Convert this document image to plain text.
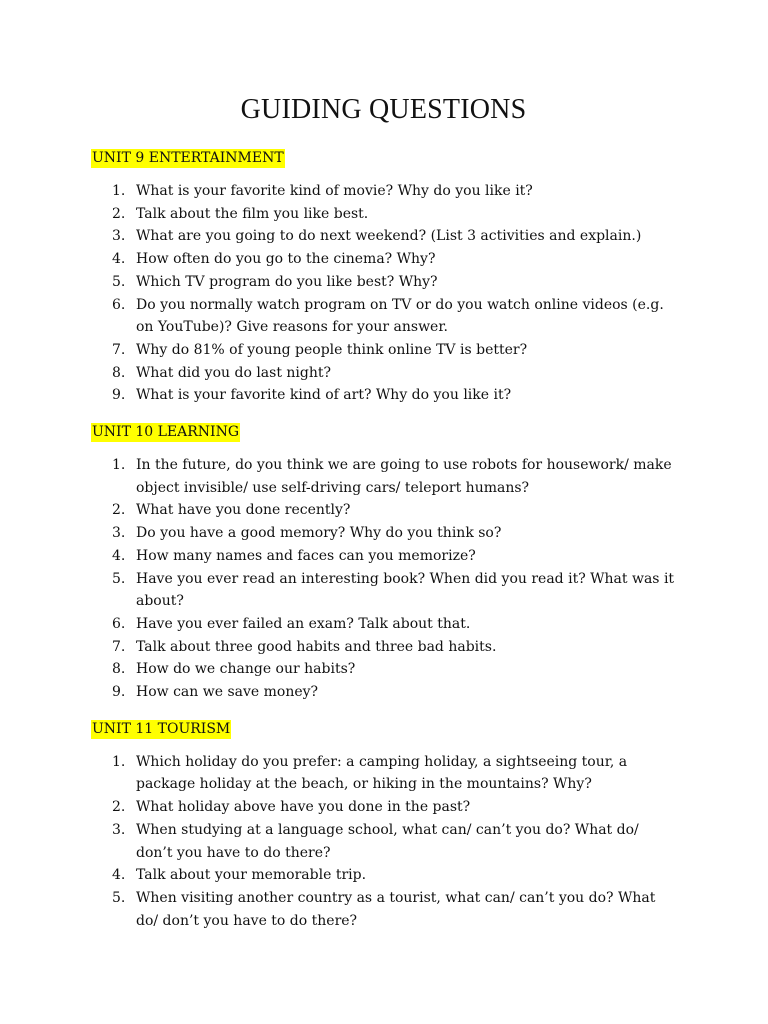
GUIDING QUESTIONS
UNIT 9 ENTERTAINMENT
1. What is your favorite kind of movie? Why do you like it?
2. Talk about the film you like best.
3. What are you going to do next weekend? (List 3 activities and explain.)
4. How often do you go to the cinema? Why?
5. Which TV program do you like best? Why?
6. Do you normally watch program on TV or do you watch online videos (e.g. on YouTube)? Give reasons for your answer.
7. Why do 81% of young people think online TV is better?
8. What did you do last night?
9. What is your favorite kind of art? Why do you like it?
UNIT 10 LEARNING
1. In the future, do you think we are going to use robots for housework/ make object invisible/ use self-driving cars/ teleport humans?
2. What have you done recently?
3. Do you have a good memory? Why do you think so?
4. How many names and faces can you memorize?
5. Have you ever read an interesting book? When did you read it? What was it about?
6. Have you ever failed an exam? Talk about that.
7. Talk about three good habits and three bad habits.
8. How do we change our habits?
9. How can we save money?
UNIT 11 TOURISM
1. Which holiday do you prefer: a camping holiday, a sightseeing tour, a package holiday at the beach, or hiking in the mountains? Why?
2. What holiday above have you done in the past?
3. When studying at a language school, what can/ can’t you do? What do/ don’t you have to do there?
4. Talk about your memorable trip.
5. When visiting another country as a tourist, what can/ can’t you do? What do/ don’t you have to do there?
